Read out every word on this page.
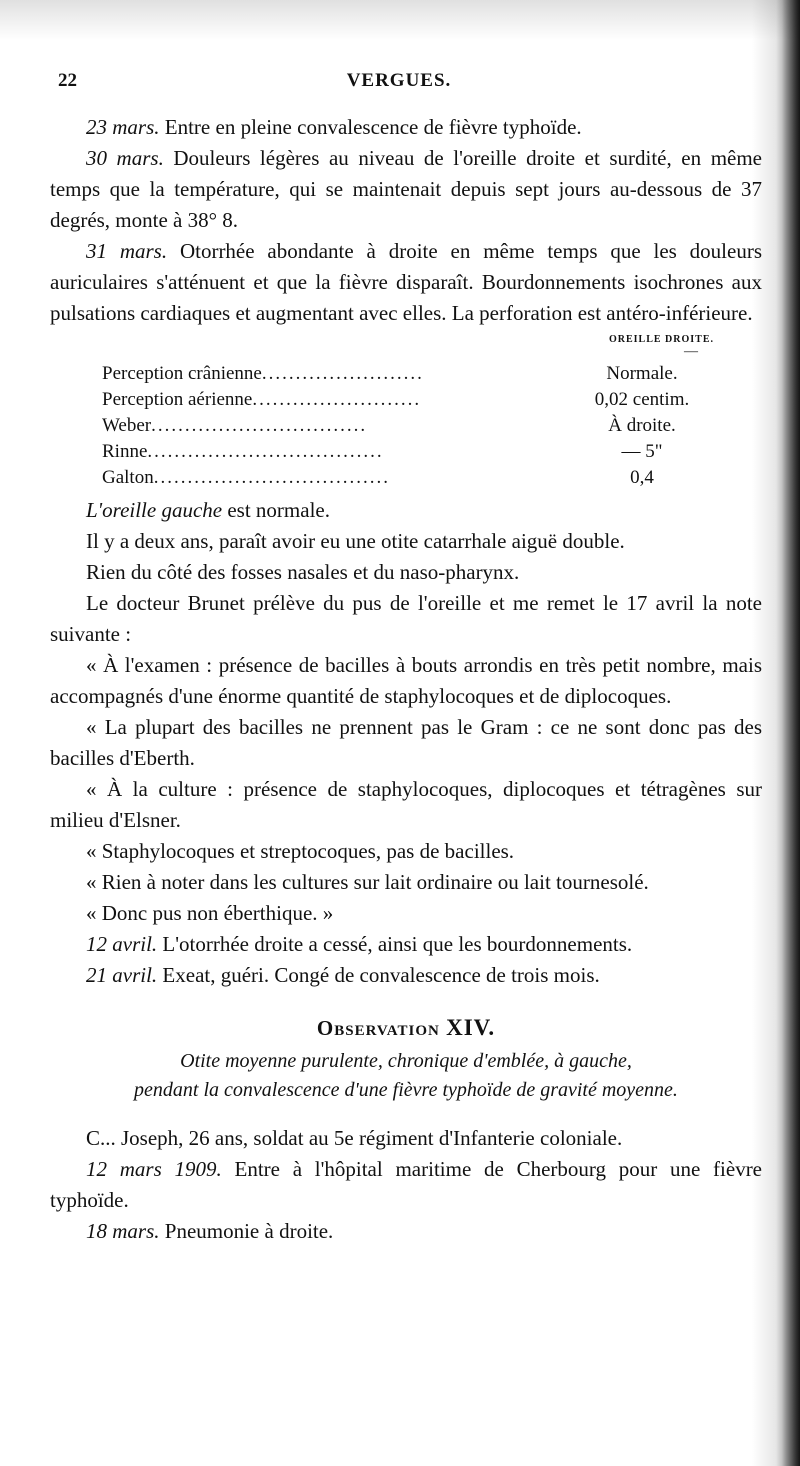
22	VERGUES.

23 mars. Entre en pleine convalescence de fièvre typhoïde.

30 mars. Douleurs légères au niveau de l'oreille droite et surdité, en même temps que la température, qui se maintenait depuis sept jours au-dessous de 37 degrés, monte à 38° 8.

31 mars. Otorrhée abondante à droite en même temps que les douleurs auriculaires s'atténuent et que la fièvre disparaît. Bourdonnements isochrones aux pulsations cardiaques et augmentant avec elles. La perforation est antéro-inférieure.

OREILLE DROITE.
—
Perception crânienne........................	Normale.
Perception aérienne.........................	0,02 centim.
Weber................................	À droite.
Rinne...................................	— 5"
Galton...................................	0,4

L'oreille gauche est normale.

Il y a deux ans, paraît avoir eu une otite catarrhale aiguë double.

Rien du côté des fosses nasales et du naso-pharynx.

Le docteur Brunet prélève du pus de l'oreille et me remet le 17 avril la note suivante :

« À l'examen : présence de bacilles à bouts arrondis en très petit nombre, mais accompagnés d'une énorme quantité de staphylocoques et de diplocoques.

« La plupart des bacilles ne prennent pas le Gram : ce ne sont donc pas des bacilles d'Eberth.

« À la culture : présence de staphylocoques, diplocoques et tétragènes sur milieu d'Elsner.

« Staphylocoques et streptocoques, pas de bacilles.

« Rien à noter dans les cultures sur lait ordinaire ou lait tournesolé.

« Donc pus non éberthique. »

12 avril. L'otorrhée droite a cessé, ainsi que les bourdonnements.

21 avril. Exeat, guéri. Congé de convalescence de trois mois.

Observation XIV.

Otite moyenne purulente, chronique d'emblée, à gauche,

pendant la convalescence d'une fièvre typhoïde de gravité moyenne.

C... Joseph, 26 ans, soldat au 5e régiment d'Infanterie coloniale.

12 mars 1909. Entre à l'hôpital maritime de Cherbourg pour une fièvre typhoïde.

18 mars. Pneumonie à droite.
